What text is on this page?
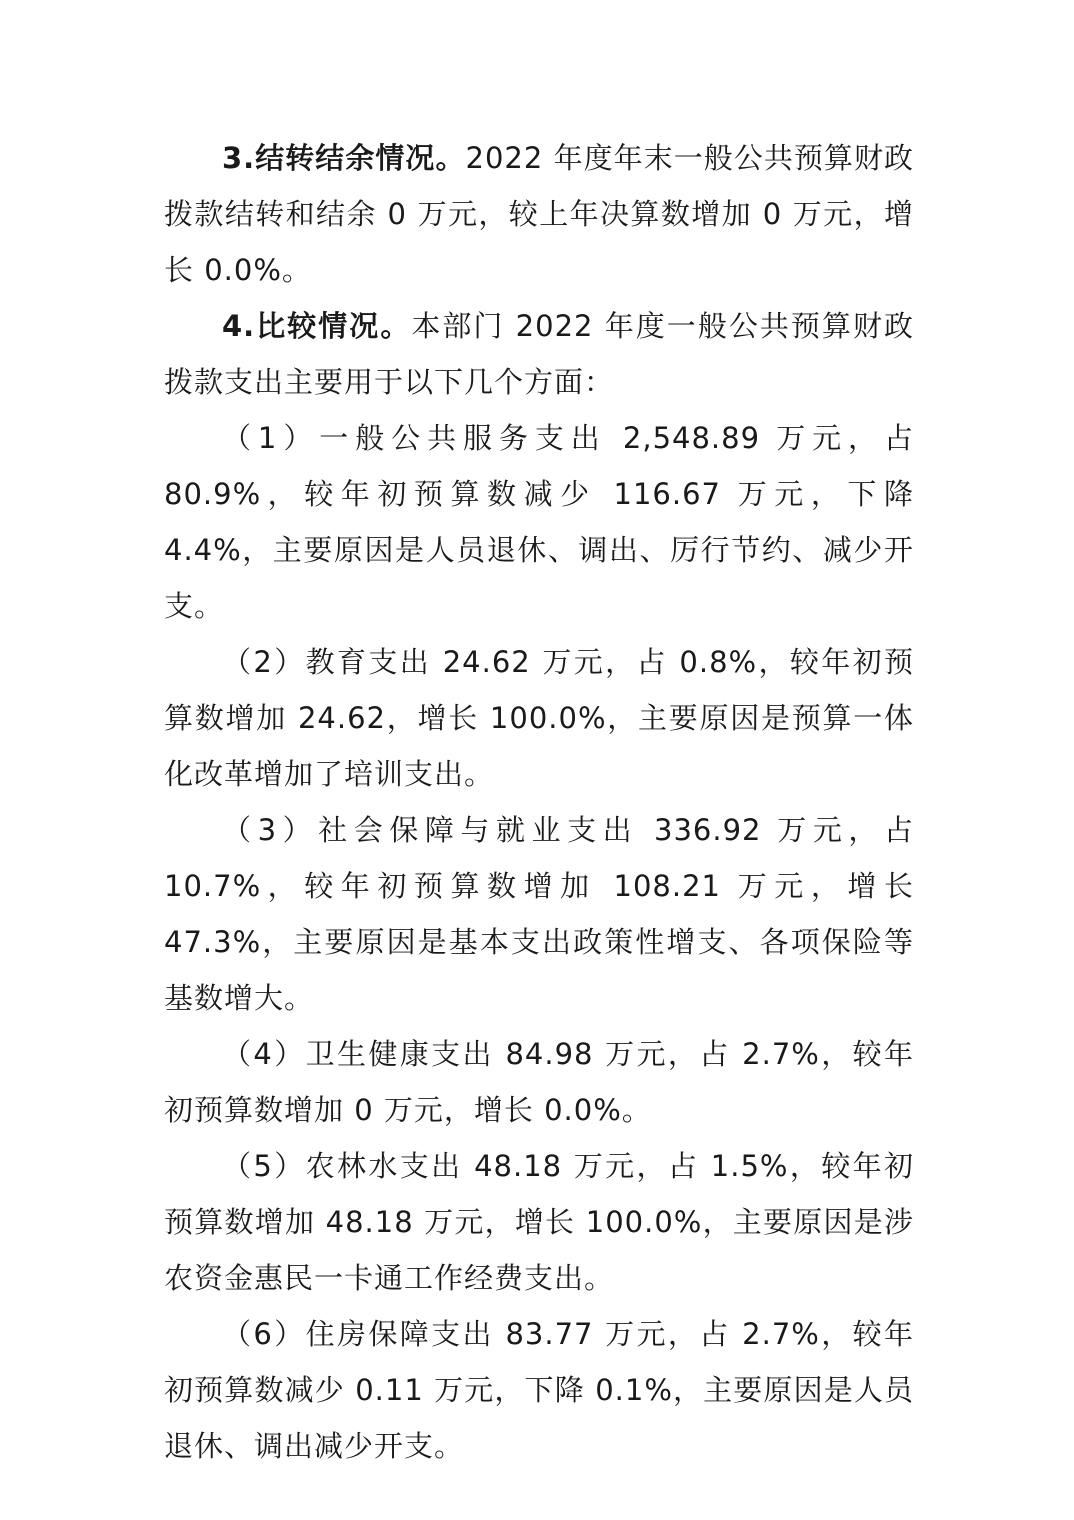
3.结转结余情况。2022 年度年末一般公共预算财政拨款结转和结余 0 万元，较上年决算数增加 0 万元，增长 0.0%。

4.比较情况。本部门 2022 年度一般公共预算财政拨款支出主要用于以下几个方面：

（1）一般公共服务支出 2,548.89 万元，占 80.9%，较年初预算数减少 116.67 万元，下降 4.4%，主要原因是人员退休、调出、厉行节约、减少开支。

（2）教育支出 24.62 万元，占 0.8%，较年初预算数增加 24.62，增长 100.0%，主要原因是预算一体化改革增加了培训支出。

（3）社会保障与就业支出 336.92 万元，占 10.7%，较年初预算数增加 108.21 万元，增长 47.3%，主要原因是基本支出政策性增支、各项保险等基数增大。

（4）卫生健康支出 84.98 万元，占 2.7%，较年初预算数增加 0 万元，增长 0.0%。

（5）农林水支出 48.18 万元，占 1.5%，较年初预算数增加 48.18 万元，增长 100.0%，主要原因是涉农资金惠民一卡通工作经费支出。

（6）住房保障支出 83.77 万元，占 2.7%，较年初预算数减少 0.11 万元，下降 0.1%，主要原因是人员退休、调出减少开支。
